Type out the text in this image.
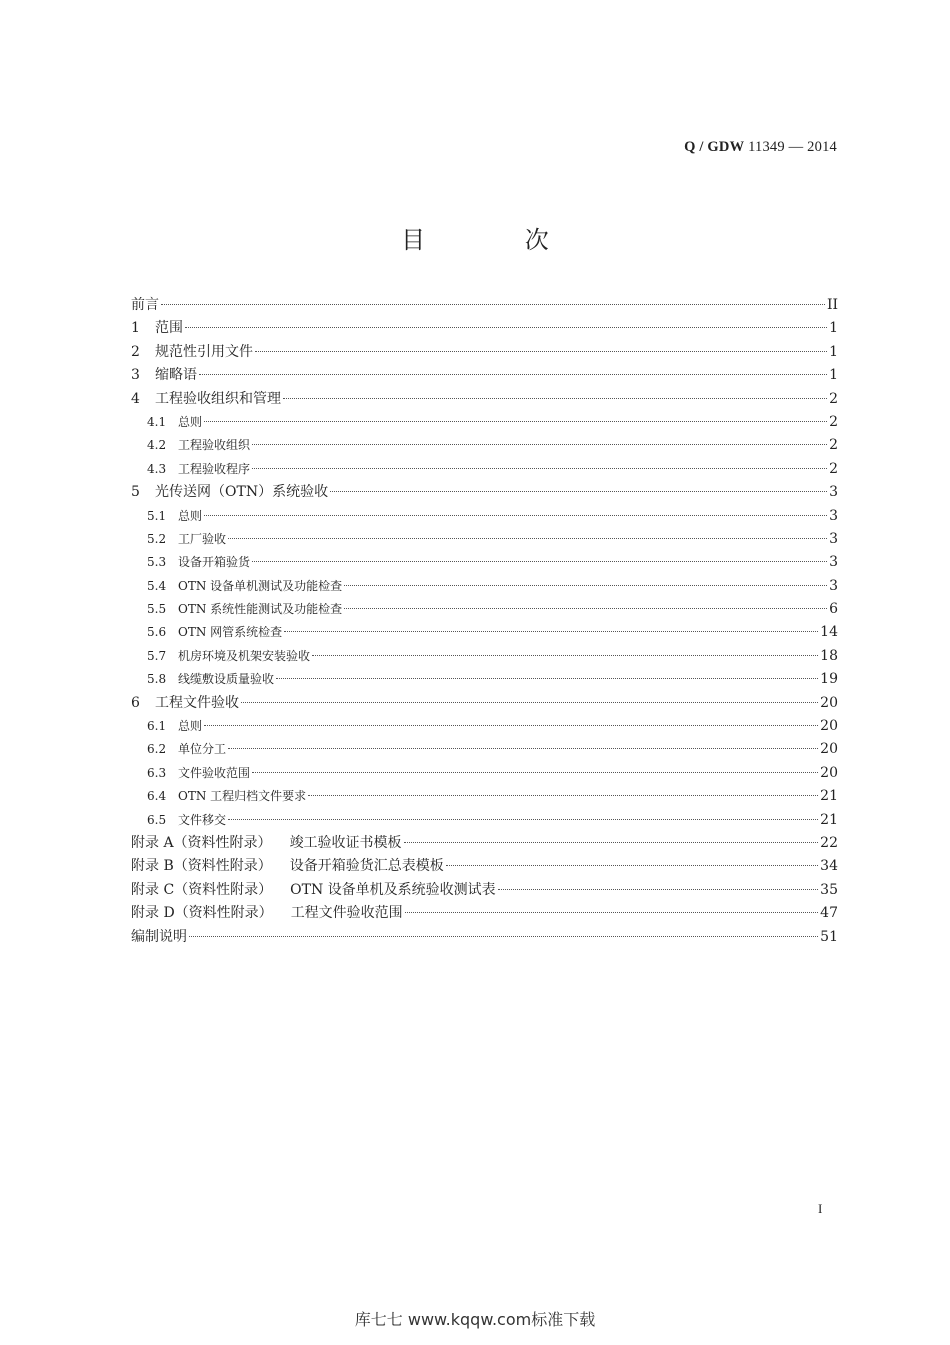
Q / GDW 11349 — 2014
目 次
前言	II
1	范围	1
2	规范性引用文件	1
3	缩略语	1
4	工程验收组织和管理	2
4.1 总则	2
4.2 工程验收组织	2
4.3 工程验收程序	2
5	光传送网（OTN）系统验收	3
5.1 总则	3
5.2 工厂验收	3
5.3 设备开箱验货	3
5.4 OTN 设备单机测试及功能检查	3
5.5 OTN 系统性能测试及功能检查	6
5.6 OTN 网管系统检查	14
5.7 机房环境及机架安装验收	18
5.8 线缆敷设质量验收	19
6	工程文件验收	20
6.1 总则	20
6.2 单位分工	20
6.3 文件验收范围	20
6.4 OTN 工程归档文件要求	21
6.5 文件移交	21
附录 A（资料性附录） 竣工验收证书模板	22
附录 B（资料性附录） 设备开箱验货汇总表模板	34
附录 C（资料性附录） OTN 设备单机及系统验收测试表	35
附录 D（资料性附录） 工程文件验收范围	47
编制说明	51
I
库七七 www.kqqw.com标准下载
